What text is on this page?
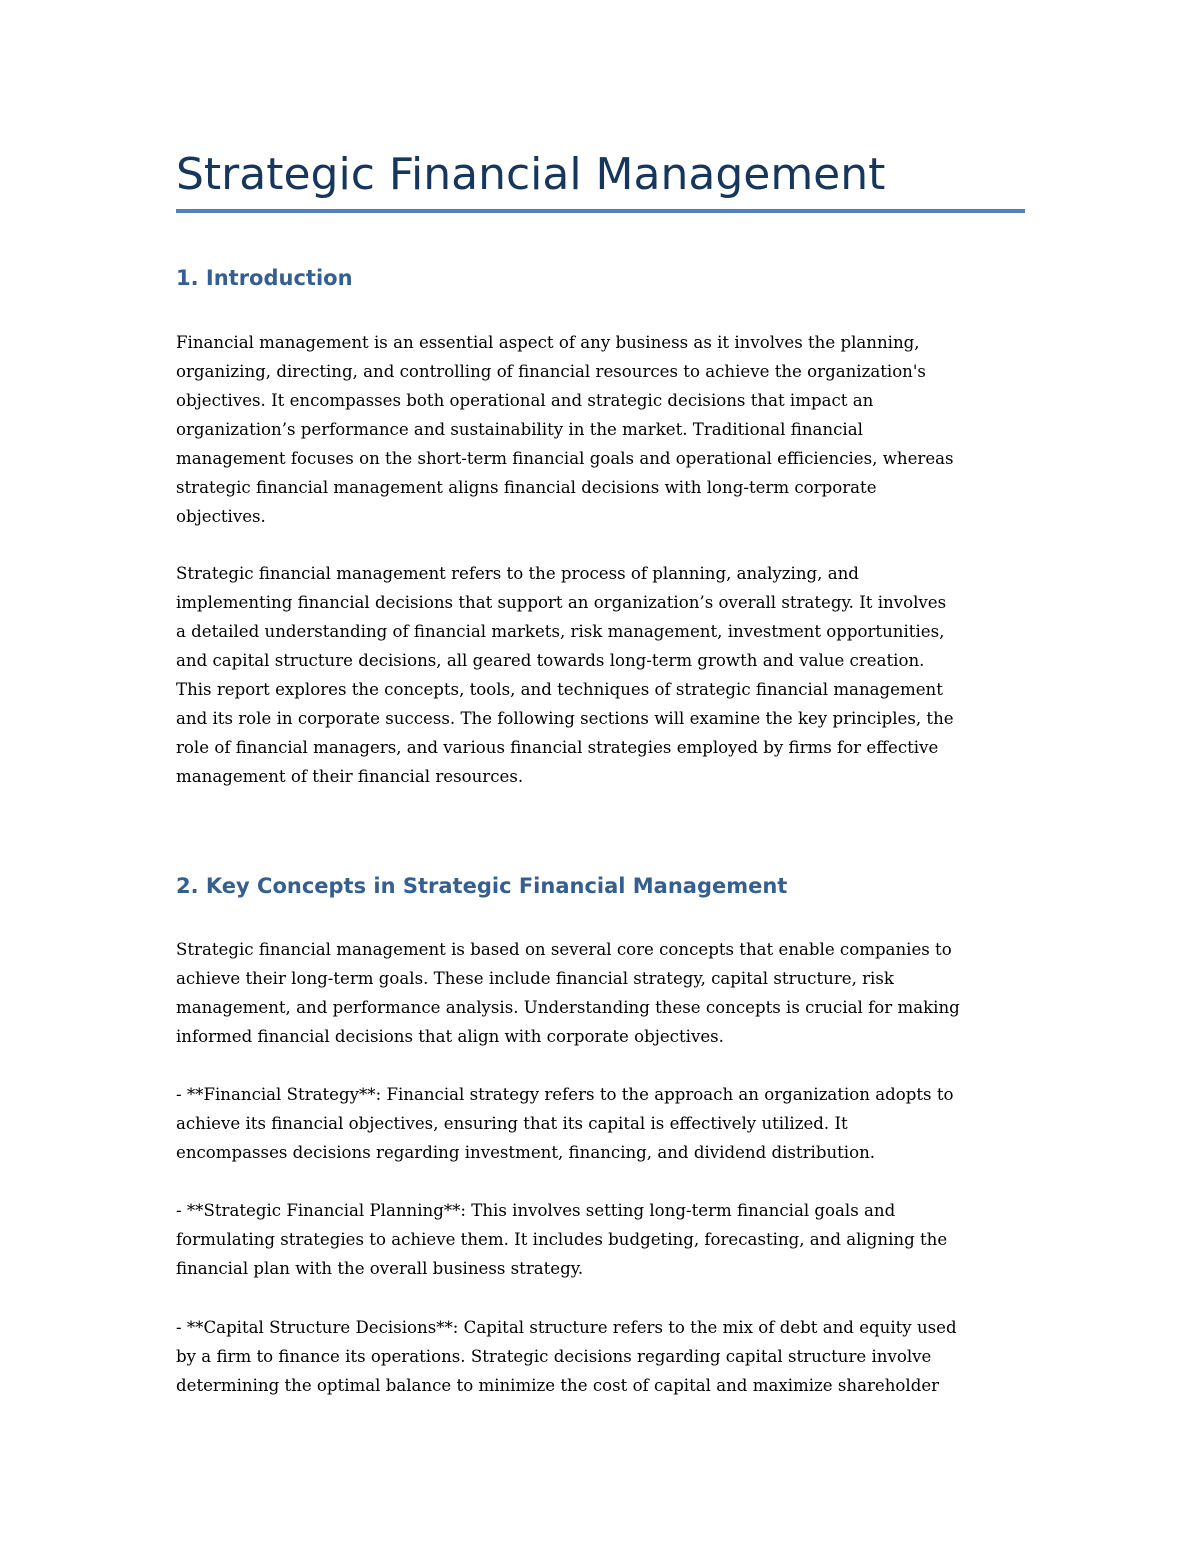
Strategic Financial Management
1. Introduction
Financial management is an essential aspect of any business as it involves the planning,
organizing, directing, and controlling of financial resources to achieve the organization's
objectives. It encompasses both operational and strategic decisions that impact an
organization’s performance and sustainability in the market. Traditional financial
management focuses on the short-term financial goals and operational efficiencies, whereas
strategic financial management aligns financial decisions with long-term corporate
objectives.
Strategic financial management refers to the process of planning, analyzing, and
implementing financial decisions that support an organization’s overall strategy. It involves
a detailed understanding of financial markets, risk management, investment opportunities,
and capital structure decisions, all geared towards long-term growth and value creation.
This report explores the concepts, tools, and techniques of strategic financial management
and its role in corporate success. The following sections will examine the key principles, the
role of financial managers, and various financial strategies employed by firms for effective
management of their financial resources.
2. Key Concepts in Strategic Financial Management
Strategic financial management is based on several core concepts that enable companies to
achieve their long-term goals. These include financial strategy, capital structure, risk
management, and performance analysis. Understanding these concepts is crucial for making
informed financial decisions that align with corporate objectives.
- **Financial Strategy**: Financial strategy refers to the approach an organization adopts to
achieve its financial objectives, ensuring that its capital is effectively utilized. It
encompasses decisions regarding investment, financing, and dividend distribution.
- **Strategic Financial Planning**: This involves setting long-term financial goals and
formulating strategies to achieve them. It includes budgeting, forecasting, and aligning the
financial plan with the overall business strategy.
- **Capital Structure Decisions**: Capital structure refers to the mix of debt and equity used
by a firm to finance its operations. Strategic decisions regarding capital structure involve
determining the optimal balance to minimize the cost of capital and maximize shareholder
